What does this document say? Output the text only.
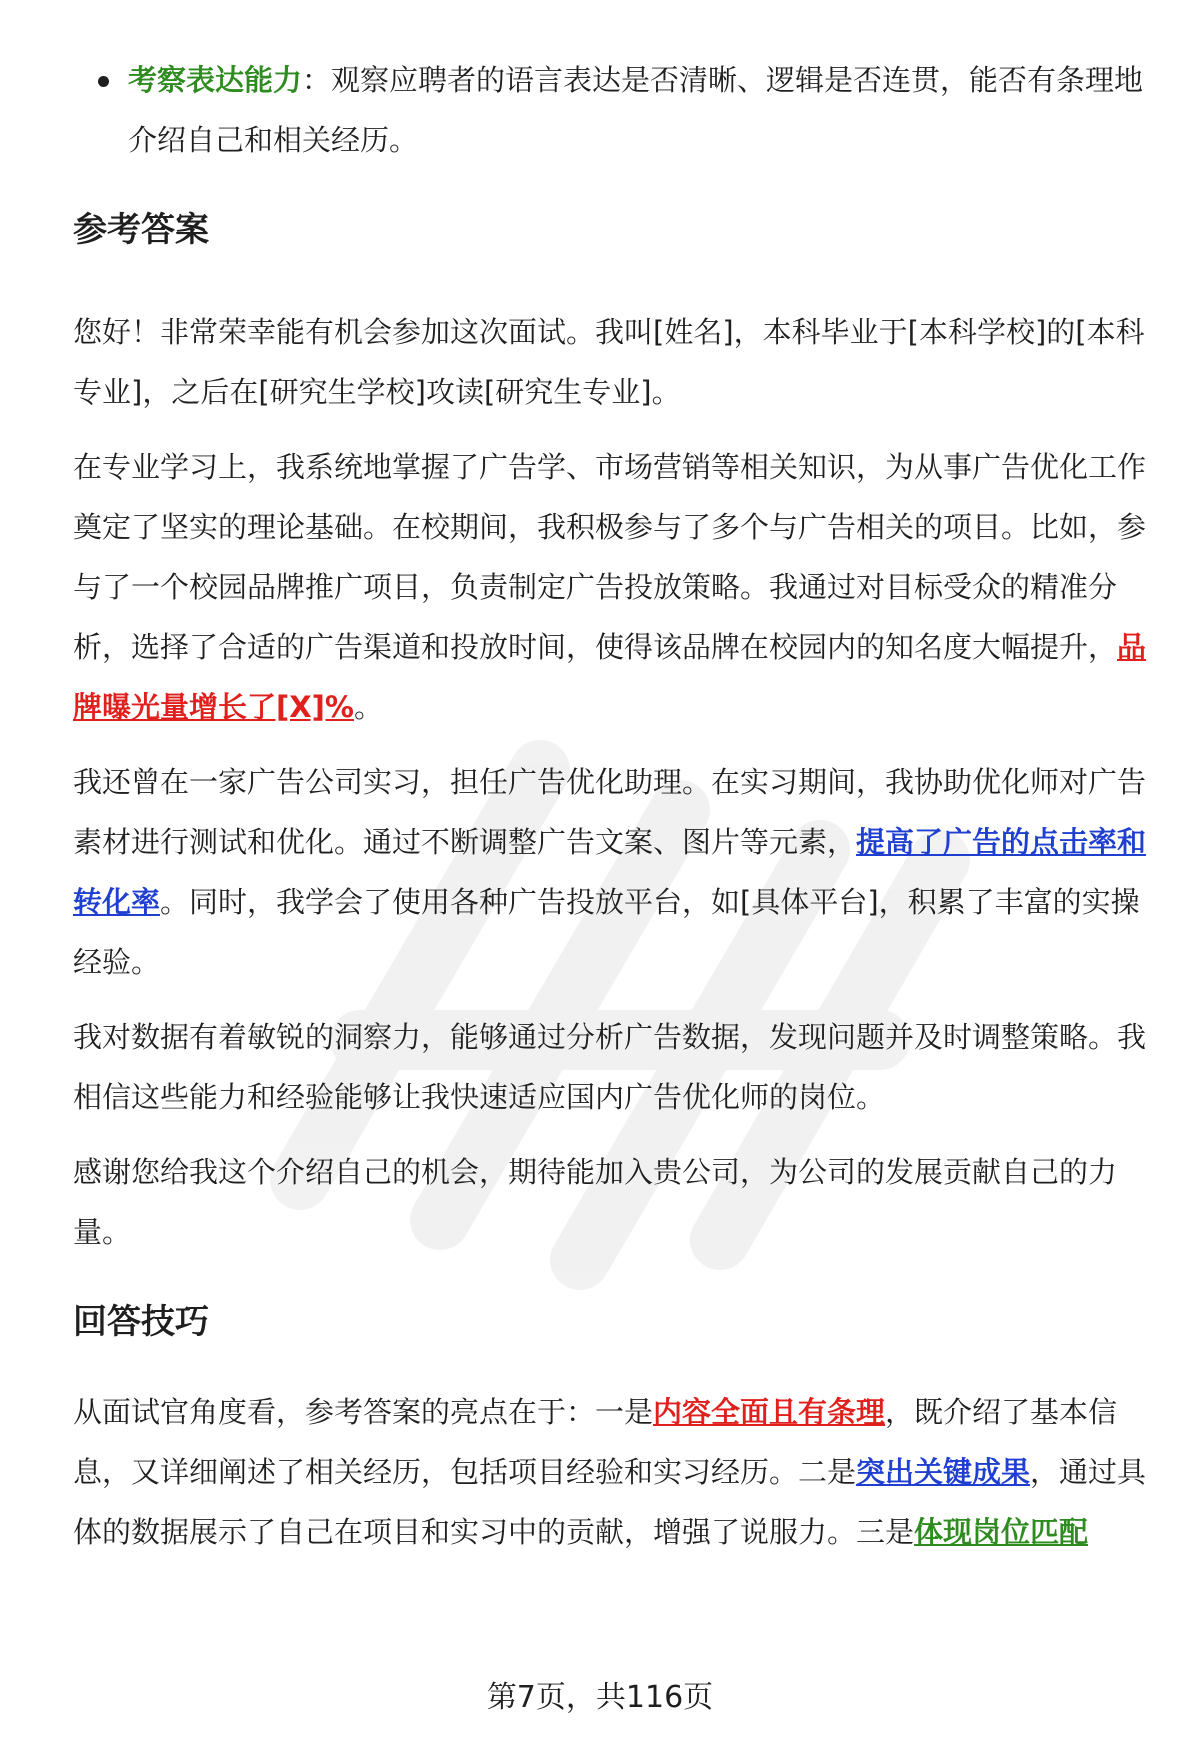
考察表达能力：观察应聘者的语言表达是否清晰、逻辑是否连贯，能否有条理地介绍自己和相关经历。

参考答案

您好！非常荣幸能有机会参加这次面试。我叫[姓名]，本科毕业于[本科学校]的[本科专业]，之后在[研究生学校]攻读[研究生专业]。

在专业学习上，我系统地掌握了广告学、市场营销等相关知识，为从事广告优化工作奠定了坚实的理论基础。在校期间，我积极参与了多个与广告相关的项目。比如，参与了一个校园品牌推广项目，负责制定广告投放策略。我通过对目标受众的精准分析，选择了合适的广告渠道和投放时间，使得该品牌在校园内的知名度大幅提升，品牌曝光量增长了[X]%。

我还曾在一家广告公司实习，担任广告优化助理。在实习期间，我协助优化师对广告素材进行测试和优化。通过不断调整广告文案、图片等元素，提高了广告的点击率和转化率。同时，我学会了使用各种广告投放平台，如[具体平台]，积累了丰富的实操经验。

我对数据有着敏锐的洞察力，能够通过分析广告数据，发现问题并及时调整策略。我相信这些能力和经验能够让我快速适应国内广告优化师的岗位。

感谢您给我这个介绍自己的机会，期待能加入贵公司，为公司的发展贡献自己的力量。

回答技巧

从面试官角度看，参考答案的亮点在于：一是内容全面且有条理，既介绍了基本信息，又详细阐述了相关经历，包括项目经验和实习经历。二是突出关键成果，通过具体的数据展示了自己在项目和实习中的贡献，增强了说服力。三是体现岗位匹配

第7页，共116页
